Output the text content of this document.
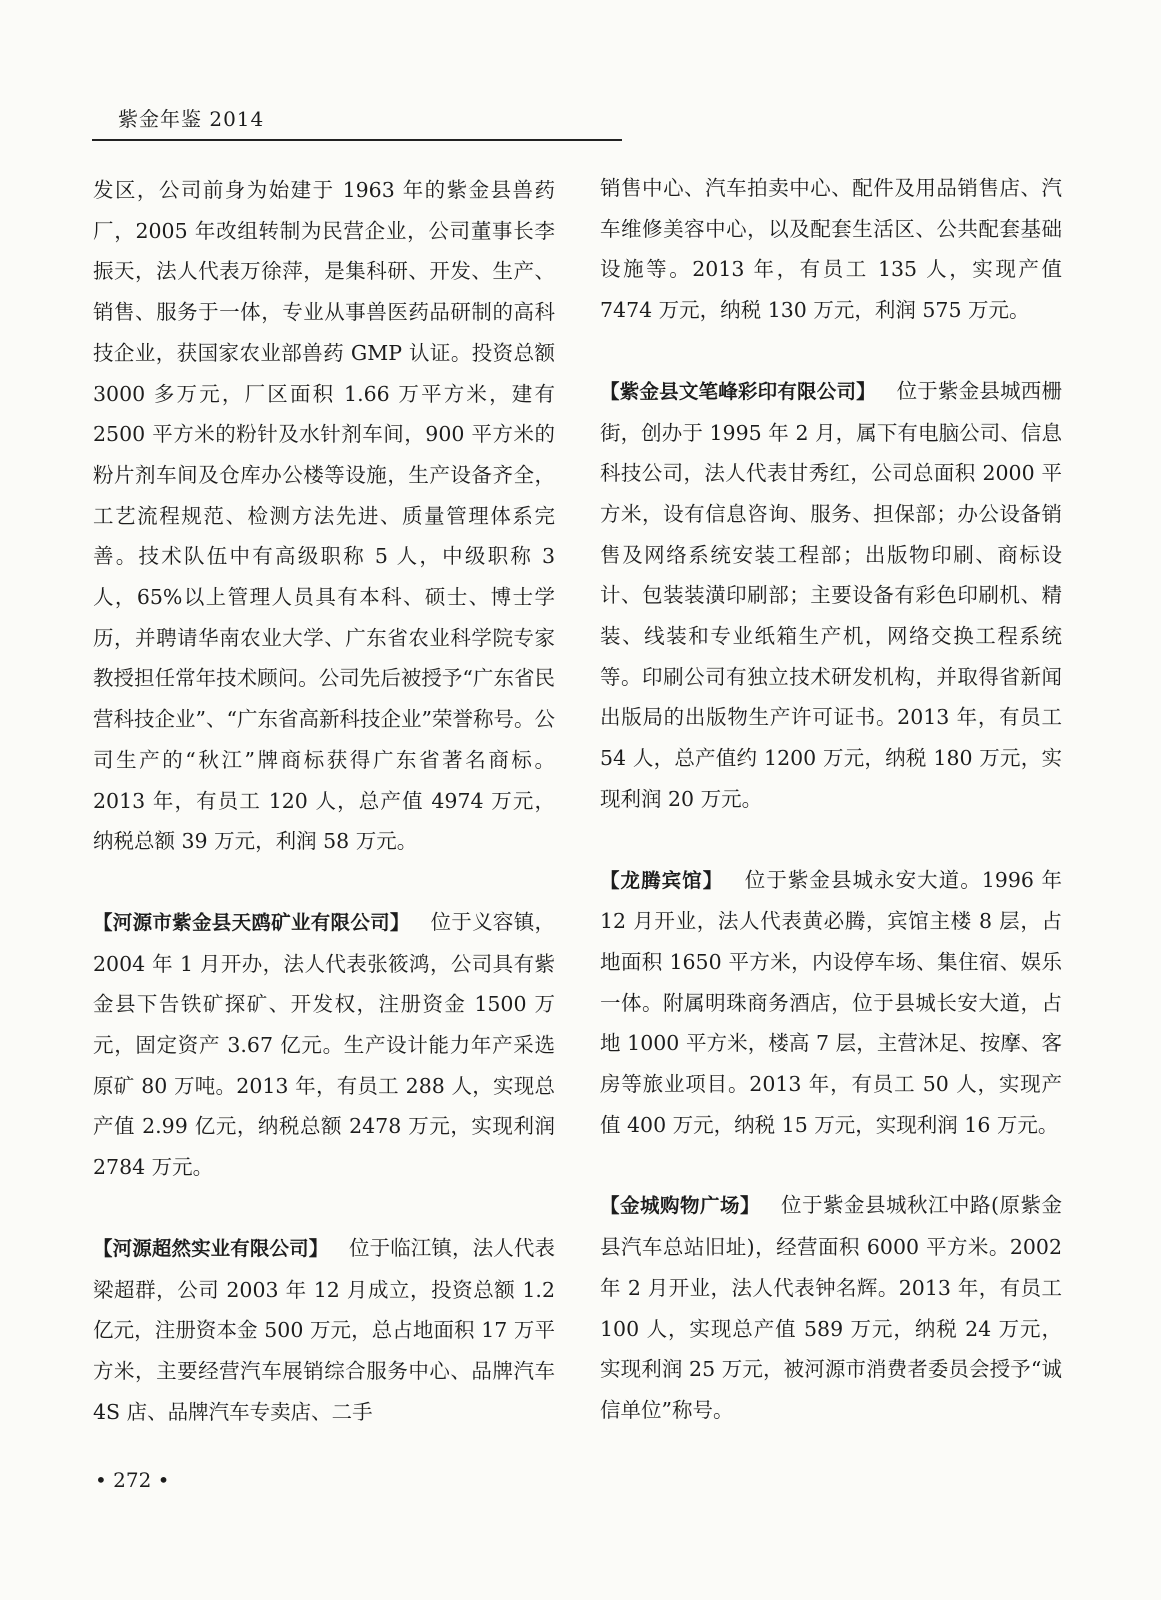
紫金年鉴 2014

发区，公司前身为始建于 1963 年的紫金县兽药厂，2005 年改组转制为民营企业，公司董事长李振天，法人代表万徐萍，是集科研、开发、生产、销售、服务于一体，专业从事兽医药品研制的高科技企业，获国家农业部兽药 GMP 认证。投资总额 3000 多万元，厂区面积 1.66 万平方米，建有 2500 平方米的粉针及水针剂车间，900 平方米的粉片剂车间及仓库办公楼等设施，生产设备齐全，工艺流程规范、检测方法先进、质量管理体系完善。技术队伍中有高级职称 5 人，中级职称 3 人，65%以上管理人员具有本科、硕士、博士学历，并聘请华南农业大学、广东省农业科学院专家教授担任常年技术顾问。公司先后被授予“广东省民营科技企业”、“广东省高新科技企业”荣誉称号。公司生产的“秋江”牌商标获得广东省著名商标。2013 年，有员工 120 人，总产值 4974 万元，纳税总额 39 万元，利润 58 万元。

【河源市紫金县天鸥矿业有限公司】  位于义容镇，2004 年 1 月开办，法人代表张筱鸿，公司具有紫金县下告铁矿探矿、开发权，注册资金 1500 万元，固定资产 3.67 亿元。生产设计能力年产采选原矿 80 万吨。2013 年，有员工 288 人，实现总产值 2.99 亿元，纳税总额 2478 万元，实现利润 2784 万元。

【河源超然实业有限公司】  位于临江镇，法人代表梁超群，公司 2003 年 12 月成立，投资总额 1.2 亿元，注册资本金 500 万元，总占地面积 17 万平方米，主要经营汽车展销综合服务中心、品牌汽车 4S 店、品牌汽车专卖店、二手

销售中心、汽车拍卖中心、配件及用品销售店、汽车维修美容中心，以及配套生活区、公共配套基础设施等。2013 年，有员工 135 人，实现产值 7474 万元，纳税 130 万元，利润 575 万元。

【紫金县文笔峰彩印有限公司】  位于紫金县城西栅街，创办于 1995 年 2 月，属下有电脑公司、信息科技公司，法人代表甘秀红，公司总面积 2000 平方米，设有信息咨询、服务、担保部；办公设备销售及网络系统安装工程部；出版物印刷、商标设计、包装装潢印刷部；主要设备有彩色印刷机、精装、线装和专业纸箱生产机，网络交换工程系统等。印刷公司有独立技术研发机构，并取得省新闻出版局的出版物生产许可证书。2013 年，有员工 54 人，总产值约 1200 万元，纳税 180 万元，实现利润 20 万元。

【龙腾宾馆】  位于紫金县城永安大道。1996 年 12 月开业，法人代表黄必腾，宾馆主楼 8 层，占地面积 1650 平方米，内设停车场、集住宿、娱乐一体。附属明珠商务酒店，位于县城长安大道，占地 1000 平方米，楼高 7 层，主营沐足、按摩、客房等旅业项目。2013 年，有员工 50 人，实现产值 400 万元，纳税 15 万元，实现利润 16 万元。

【金城购物广场】  位于紫金县城秋江中路(原紫金县汽车总站旧址)，经营面积 6000 平方米。2002 年 2 月开业，法人代表钟名辉。2013 年，有员工 100 人，实现总产值 589 万元，纳税 24 万元，实现利润 25 万元，被河源市消费者委员会授予“诚信单位”称号。

• 272 •
